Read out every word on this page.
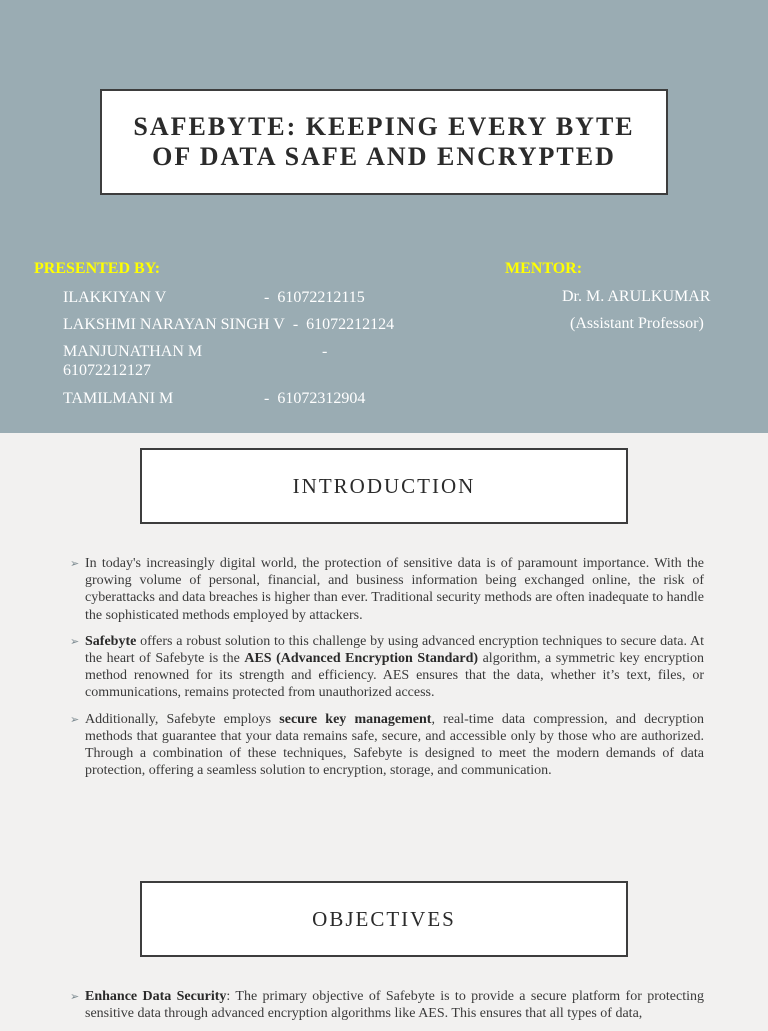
SAFEBYTE: KEEPING EVERY BYTE
OF DATA SAFE AND ENCRYPTED
PRESENTED BY:
ILAKKIYAN V	- 61072212115
LAKSHMI NARAYAN SINGH V - 61072212124
MANJUNATHAN M	-
61072212127
TAMILMANI M	- 61072312904
MENTOR:
Dr. M. ARULKUMAR
(Assistant Professor)
INTRODUCTION
➢ In today's increasingly digital world, the protection of sensitive data is of paramount importance. With the growing volume of personal, financial, and business information being exchanged online, the risk of cyberattacks and data breaches is higher than ever. Traditional security methods are often inadequate to handle the sophisticated methods employed by attackers.
➢ Safebyte offers a robust solution to this challenge by using advanced encryption techniques to secure data. At the heart of Safebyte is the AES (Advanced Encryption Standard) algorithm, a symmetric key encryption method renowned for its strength and efficiency. AES ensures that the data, whether it’s text, files, or communications, remains protected from unauthorized access.
➢ Additionally, Safebyte employs secure key management, real-time data compression, and decryption methods that guarantee that your data remains safe, secure, and accessible only by those who are authorized. Through a combination of these techniques, Safebyte is designed to meet the modern demands of data protection, offering a seamless solution to encryption, storage, and communication.
OBJECTIVES
➢ Enhance Data Security: The primary objective of Safebyte is to provide a secure platform for protecting sensitive data through advanced encryption algorithms like AES. This ensures that all types of data,
